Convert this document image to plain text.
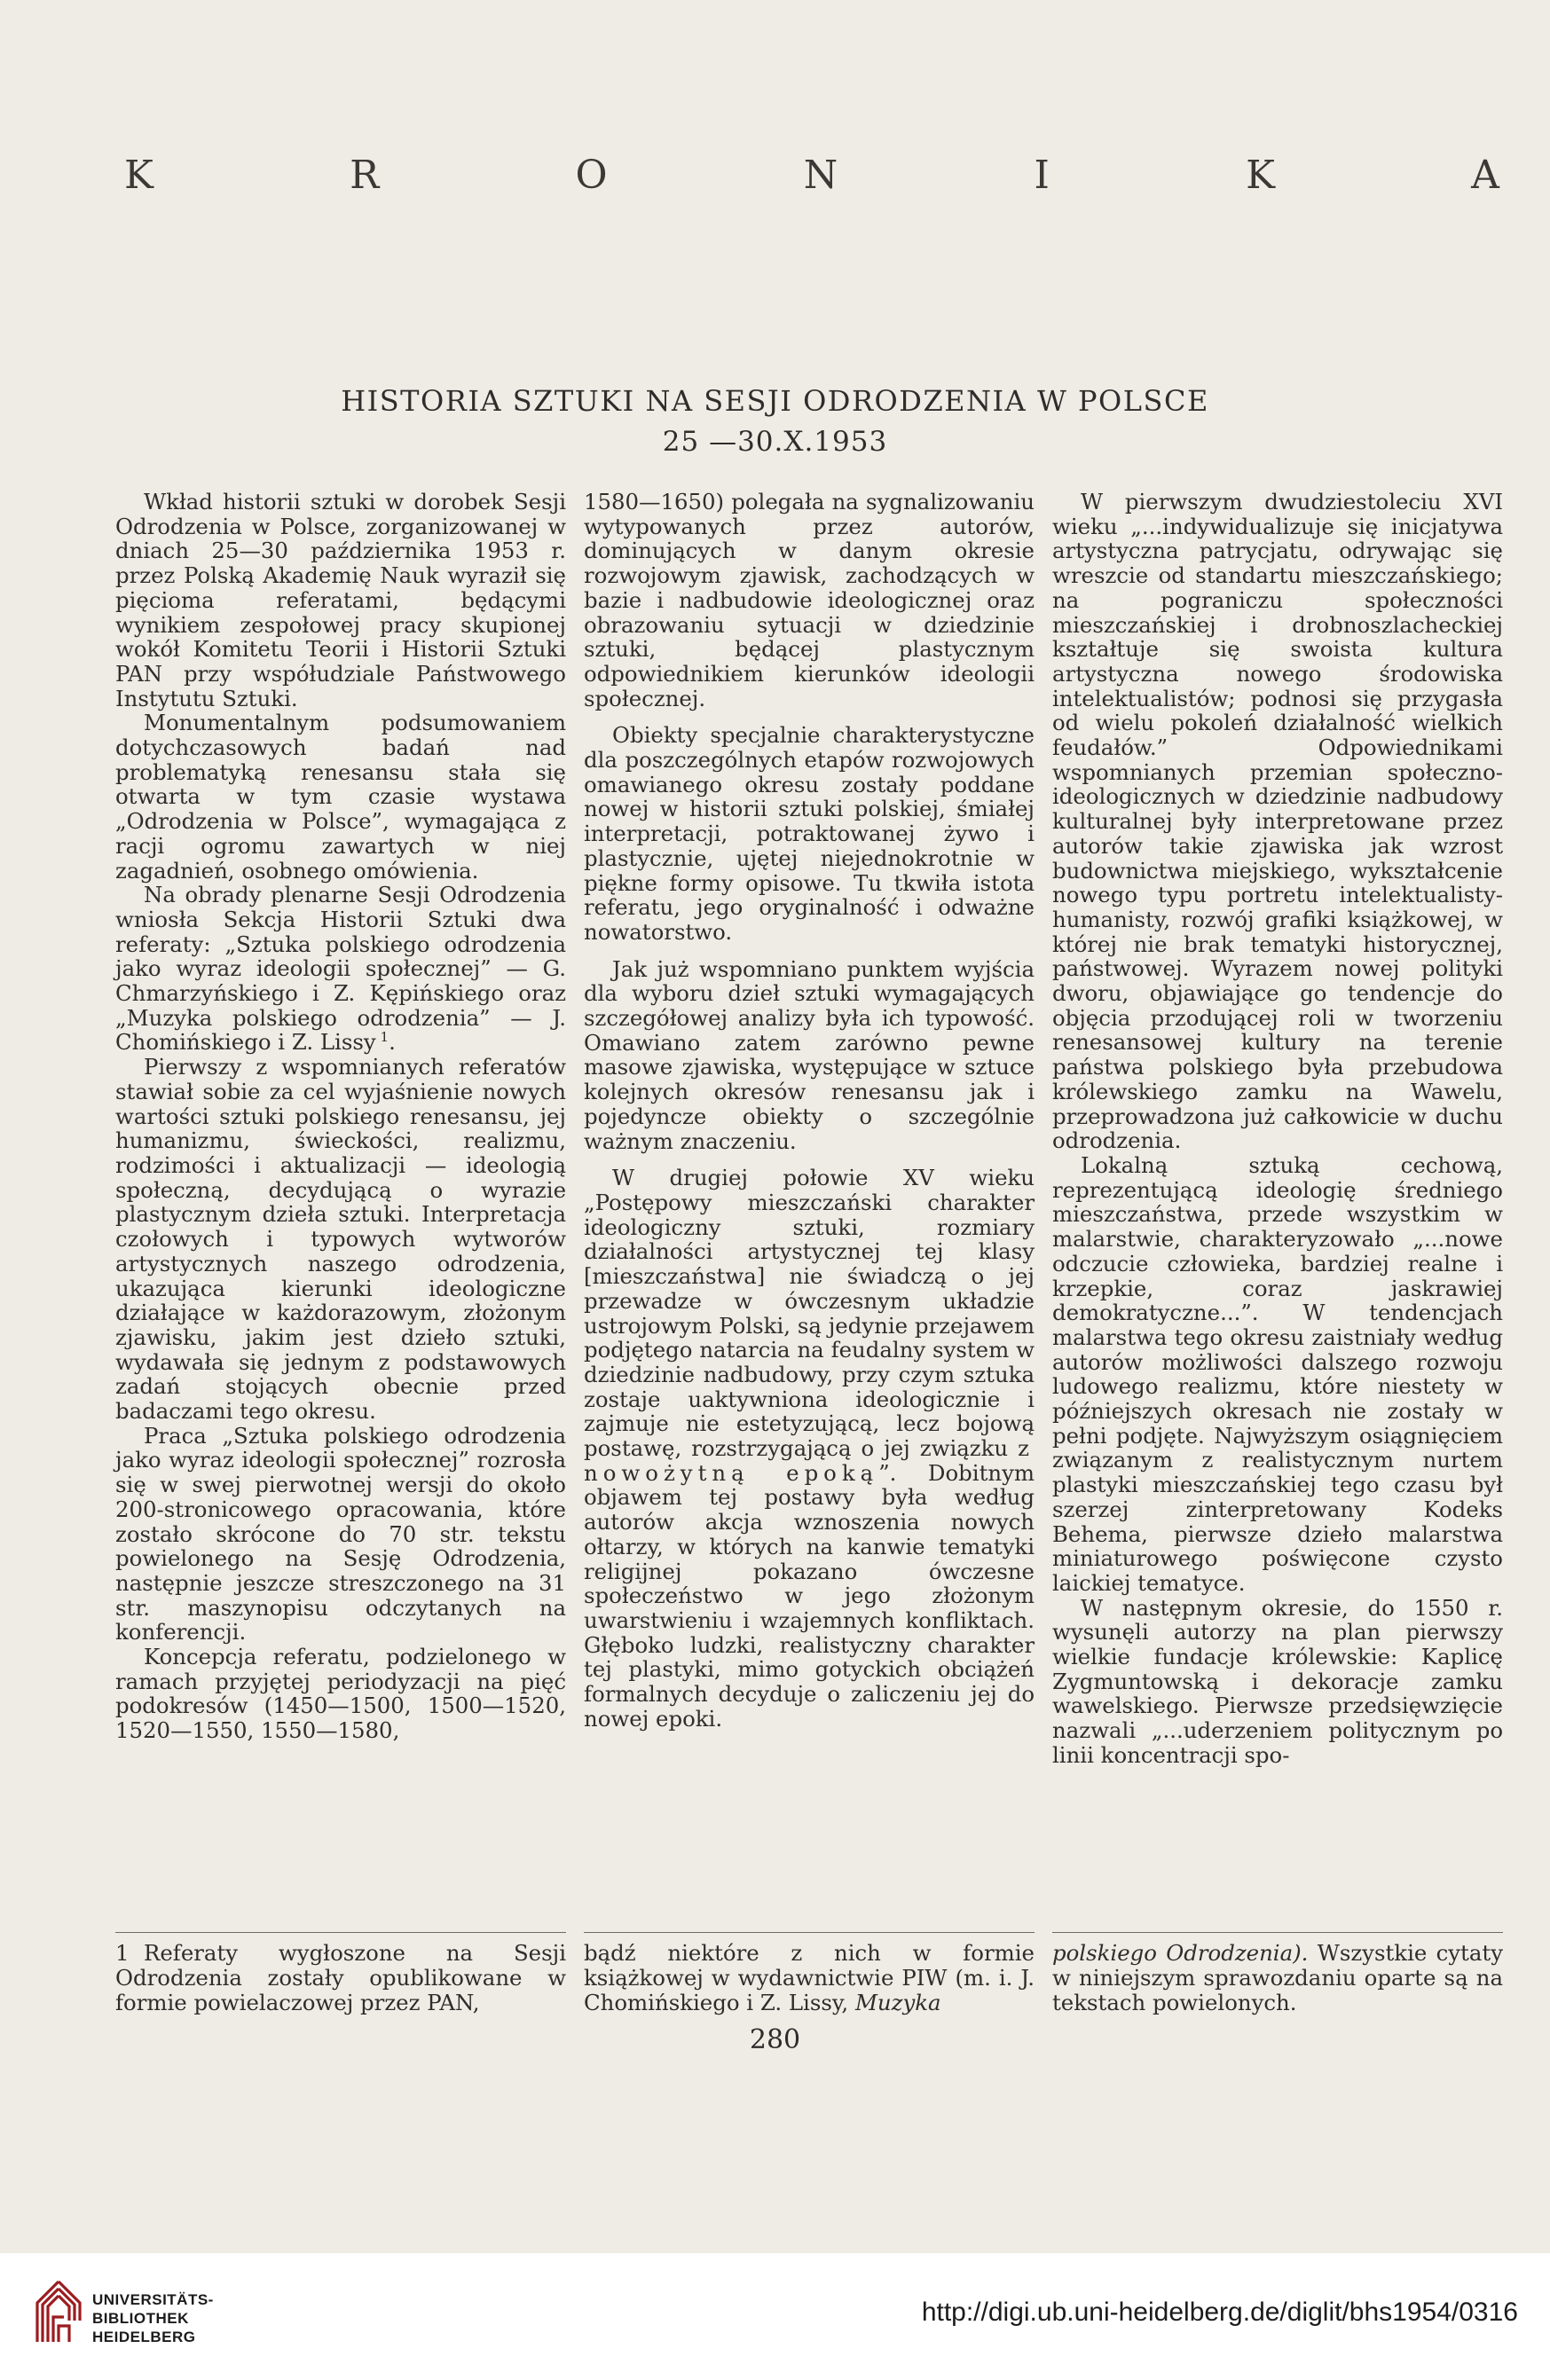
K	R	O	N	I	K	A
HISTORIA SZTUKI NA SESJI ODRODZENIA W POLSCE
25 —30.X.1953

Wkład historii sztuki w dorobek Sesji Odrodzenia w Polsce, zorganizowanej w dniach 25—30 października 1953 r. przez Polską Akademię Nauk wyraził się pięcioma referatami, będącymi wynikiem zespołowej pracy skupionej wokół Komitetu Teorii i Historii Sztuki PAN przy współudziale Państwowego Instytutu Sztuki.

Monumentalnym podsumowaniem dotychczasowych badań nad problematyką renesansu stała się otwarta w tym czasie wystawa „Odrodzenia w Polsce”, wymagająca z racji ogromu zawartych w niej zagadnień, osobnego omówienia.

Na obrady plenarne Sesji Odrodzenia wniosła Sekcja Historii Sztuki dwa referaty: „Sztuka polskiego odrodzenia jako wyraz ideologii społecznej” — G. Chmarzyńskiego i Z. Kępińskiego oraz „Muzyka polskiego odrodzenia” — J. Chomińskiego i Z. Lissy  $^1$.

Pierwszy z wspomnianych referatów stawiał sobie za cel wyjaśnienie nowych wartości sztuki polskiego renesansu, jej humanizmu, świeckości, realizmu, rodzimości i aktualizacji — ideologią społeczną, decydującą o wyrazie plastycznym dzieła sztuki. Interpretacja czołowych i typowych wytworów artystycznych naszego odrodzenia, ukazująca kierunki ideologiczne działające w każdorazowym, złożonym zjawisku, jakim jest dzieło sztuki, wydawała się jednym z podstawowych zadań stojących obecnie przed badaczami tego okresu.

Praca „Sztuka polskiego odrodzenia jako wyraz ideologii społecznej” rozrosła się w swej pierwotnej wersji do około 200-stronicowego opracowania, które zostało skrócone do 70 str. tekstu powielonego na Sesję Odrodzenia, następnie jeszcze streszczonego na 31 str. maszynopisu odczytanych na konferencji.

Koncepcja referatu, podzielonego w ramach przyjętej periodyzacji na pięć podokresów (1450—1500, 1500—1520, 1520—1550, 1550—1580,

1580—1650) polegała na sygnalizowaniu wytypowanych przez autorów, dominujących w danym okresie rozwojowym zjawisk, zachodzących w bazie i nadbudowie ideologicznej oraz obrazowaniu sytuacji w dziedzinie sztuki, będącej plastycznym odpowiednikiem kierunków ideologii społecznej.

Obiekty specjalnie charakterystyczne dla poszczególnych etapów rozwojowych omawianego okresu zostały poddane nowej w historii sztuki polskiej, śmiałej interpretacji, potraktowanej żywo i plastycznie, ujętej niejednokrotnie w piękne formy opisowe. Tu tkwiła istota referatu, jego oryginalność i odważne nowatorstwo.

Jak już wspomniano punktem wyjścia dla wyboru dzieł sztuki wymagających szczegółowej analizy była ich typowość. Omawiano zatem zarówno pewne masowe zjawiska, występujące w sztuce kolejnych okresów renesansu jak i pojedyncze obiekty o szczególnie ważnym znaczeniu.

W drugiej połowie XV wieku „Postępowy mieszczański charakter ideologiczny sztuki, rozmiary działalności artystycznej tej klasy [mieszczaństwa] nie świadczą o jej przewadze w ówczesnym układzie ustrojowym Polski, są jedynie przejawem podjętego natarcia na feudalny system w dziedzinie nadbudowy, przy czym sztuka zostaje uaktywniona ideologicznie i zajmuje nie estetyzującą, lecz bojową postawę, rozstrzygającą o jej związku z nowożytną epoką”. Dobitnym objawem tej postawy była według autorów akcja wznoszenia nowych ołtarzy, w których na kanwie tematyki religijnej pokazano ówczesne społeczeństwo w jego złożonym uwarstwieniu i wzajemnych konfliktach. Głęboko ludzki, realistyczny charakter tej plastyki, mimo gotyckich obciążeń formalnych decyduje o zaliczeniu jej do nowej epoki.

W pierwszym dwudziestoleciu XVI wieku „...indywidualizuje się inicjatywa artystyczna patrycjatu, odrywając się wreszcie od standartu mieszczańskiego; na pograniczu społeczności mieszczańskiej i drobnoszlacheckiej kształtuje się swoista kultura artystyczna nowego środowiska intelektualistów; podnosi się przygasła od wielu pokoleń działalność wielkich feudałów.” Odpowiednikami wspomnianych przemian społeczno-ideologicznych w dziedzinie nadbudowy kulturalnej były interpretowane przez autorów takie zjawiska jak wzrost budownictwa miejskiego, wykształcenie nowego typu portretu intelektualisty-humanisty, rozwój grafiki książkowej, w której nie brak tematyki historycznej, państwowej. Wyrazem nowej polityki dworu, objawiające go tendencje do objęcia przodującej roli w tworzeniu renesansowej kultury na terenie państwa polskiego była przebudowa królewskiego zamku na Wawelu, przeprowadzona już całkowicie w duchu odrodzenia.

Lokalną sztuką cechową, reprezentującą ideologię średniego mieszczaństwa, przede wszystkim w malarstwie, charakteryzowało „...nowe odczucie człowieka, bardziej realne i krzepkie, coraz jaskrawiej demokratyczne...”. W tendencjach malarstwa tego okresu zaistniały według autorów możliwości dalszego rozwoju ludowego realizmu, które niestety w późniejszych okresach nie zostały w pełni podjęte. Najwyższym osiągnięciem związanym z realistycznym nurtem plastyki mieszczańskiej tego czasu był szerzej zinterpretowany Kodeks Behema, pierwsze dzieło malarstwa miniaturowego poświęcone czysto laickiej tematyce.

W następnym okresie, do 1550 r. wysunęli autorzy na plan pierwszy wielkie fundacje królewskie: Kaplicę Zygmuntowską i dekoracje zamku wawelskiego. Pierwsze przedsięwzięcie nazwali „...uderzeniem politycznym po linii koncentracji spo-

1 Referaty wygłoszone na Sesji Odrodzenia zostały opublikowane w formie powielaczowej przez PAN,
bądź niektóre z nich w formie książkowej w wydawnictwie PIW (m. i. J. Chomińskiego i Z. Lissy, Muzyka
polskiego Odrodzenia). Wszystkie cytaty w niniejszym sprawozdaniu oparte są na tekstach powielonych.
280
UNIVERSITÄTS-
BIBLIOTHEK
HEIDELBERG
http://digi.ub.uni-heidelberg.de/diglit/bhs1954/0316
